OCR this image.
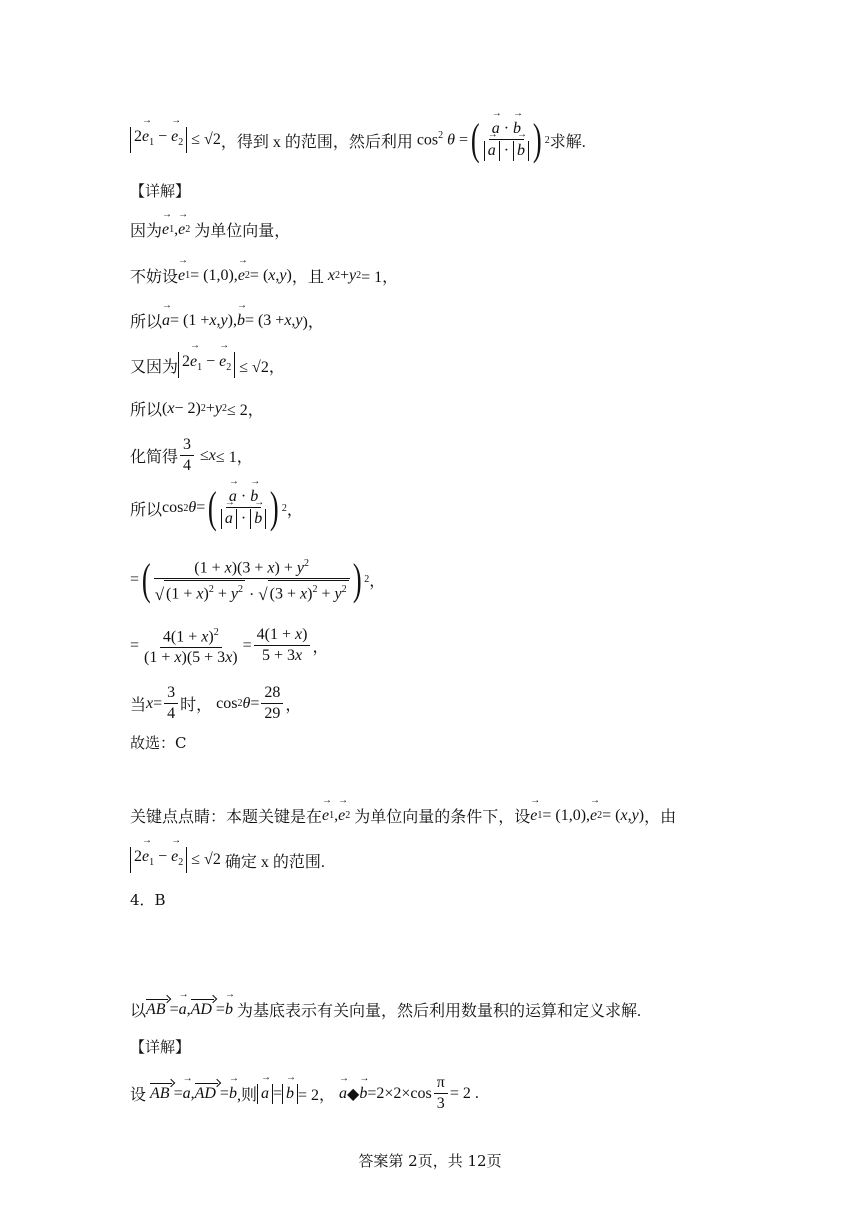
$2\to e_1$ − → $e_2 \le √2$ ，得到 x 的范围，然后利用 $\cos^2 \theta$ = ( → a · → b
→ a · → b ) 2 求解.
【详解】
因为 → e 1 , → e 2
为单位向量，
不妨设 → e 1 = (1,0), → e 2 = ( x , y ) ，且
x 2 + y 2 = 1，
所以 → a = (1 + x , y ), → b = (3 + x , y )，
又因为 $2\to e_1$ − → $e_2 \le √2$，
所以 ( x − 2) 2 + y 2 ≤ 2，
化简得 $\frac{3}{4} \le x \le 1$，
所以 cos 2 θ = ( → a · → b
→ a · → b ) 2 ，
= ( $\frac{(1 + x)(3 + x) + y^2}{√ (1 + x)^2 + y^2 \cdot √ (3 + x)^2 + y^2}$ ) 2 ，
= $\frac{4(1 + x)^2}{(1 + x)(5 + 3x)} = \frac{4(1 + x)}{5 + 3x}$ ，
当 $x = \frac{3}{4}$ 时， cos 2 $\theta = \frac{28}{29}$ ，
故选：C
关键点点睛：本题关键是在 → e 1 , → e 2
为单位向量的条件下，设 → e 1 = (1,0), → e 2 = ( x , y ) ，由
$2\to e_1$ − → $e_2 \le √2$ 确定 x 的范围.
4．B
以 AB = → a , AD = → b
为基底表示有关向量，然后利用数量积的运算和定义求解.
【详解】
设
AB = → a , AD = → b ,则 → a = → b = 2， → a ◆ → $b = 2\times 2\times\cos \frac{\pi}{3} = 2$ .
答案第 2页，共 12页
